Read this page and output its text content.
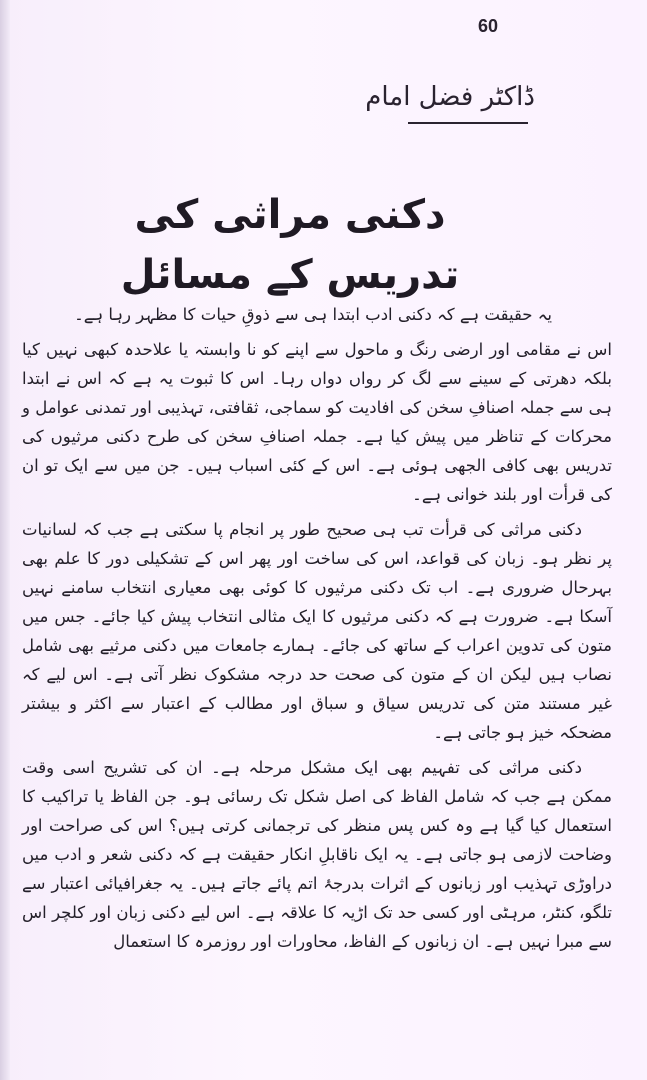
60
ڈاکٹر فضل امام
دکنی مراثی کی تدریس کے مسائل

یہ حقیقت ہے کہ دکنی ادب ابتدا ہی سے ذوقِ حیات کا مظہر رہا ہے۔

اس نے مقامی اور ارضی رنگ و ماحول سے اپنے کو نا وابستہ یا علاحدہ کبھی نہیں کیا بلکہ دھرتی کے سینے سے لگ کر رواں دواں رہا۔ اس کا ثبوت یہ ہے کہ اس نے ابتدا ہی سے جملہ اصنافِ سخن کی افادیت کو سماجی، ثقافتی، تہذیبی اور تمدنی عوامل و محرکات کے تناظر میں پیش کیا ہے۔ جملہ اصنافِ سخن کی طرح دکنی مرثیوں کی تدریس بھی کافی الجھی ہوئی ہے۔ اس کے کئی اسباب ہیں۔ جن میں سے ایک تو ان کی قرأت اور بلند خوانی ہے۔

دکنی مراثی کی قرأت تب ہی صحیح طور پر انجام پا سکتی ہے جب کہ لسانیات پر نظر ہو۔ زبان کی قواعد، اس کی ساخت اور پھر اس کے تشکیلی دور کا علم بھی بہرحال ضروری ہے۔ اب تک دکنی مرثیوں کا کوئی بھی معیاری انتخاب سامنے نہیں آسکا ہے۔ ضرورت ہے کہ دکنی مرثیوں کا ایک مثالی انتخاب پیش کیا جائے۔ جس میں متون کی تدوین اعراب کے ساتھ کی جائے۔ ہمارے جامعات میں دکنی مرثیے بھی شامل نصاب ہیں لیکن ان کے متون کی صحت حد درجہ مشکوک نظر آتی ہے۔ اس لیے کہ غیر مستند متن کی تدریس سیاق و سباق اور مطالب کے اعتبار سے اکثر و بیشتر مضحکہ خیز ہو جاتی ہے۔

دکنی مراثی کی تفہیم بھی ایک مشکل مرحلہ ہے۔ ان کی تشریح اسی وقت ممکن ہے جب کہ شامل الفاظ کی اصل شکل تک رسائی ہو۔ جن الفاظ یا تراکیب کا استعمال کیا گیا ہے وہ کس پس منظر کی ترجمانی کرتی ہیں؟ اس کی صراحت اور وضاحت لازمی ہو جاتی ہے۔ یہ ایک ناقابلِ انکار حقیقت ہے کہ دکنی شعر و ادب میں دراوڑی تہذیب اور زبانوں کے اثرات بدرجۂ اتم پائے جاتے ہیں۔ یہ جغرافیائی اعتبار سے تلگو، کنٹر، مرہٹی اور کسی حد تک اڑیہ کا علاقہ ہے۔ اس لیے دکنی زبان اور کلچر اس سے مبرا نہیں ہے۔ ان زبانوں کے الفاظ، محاورات اور روزمرہ کا استعمال
